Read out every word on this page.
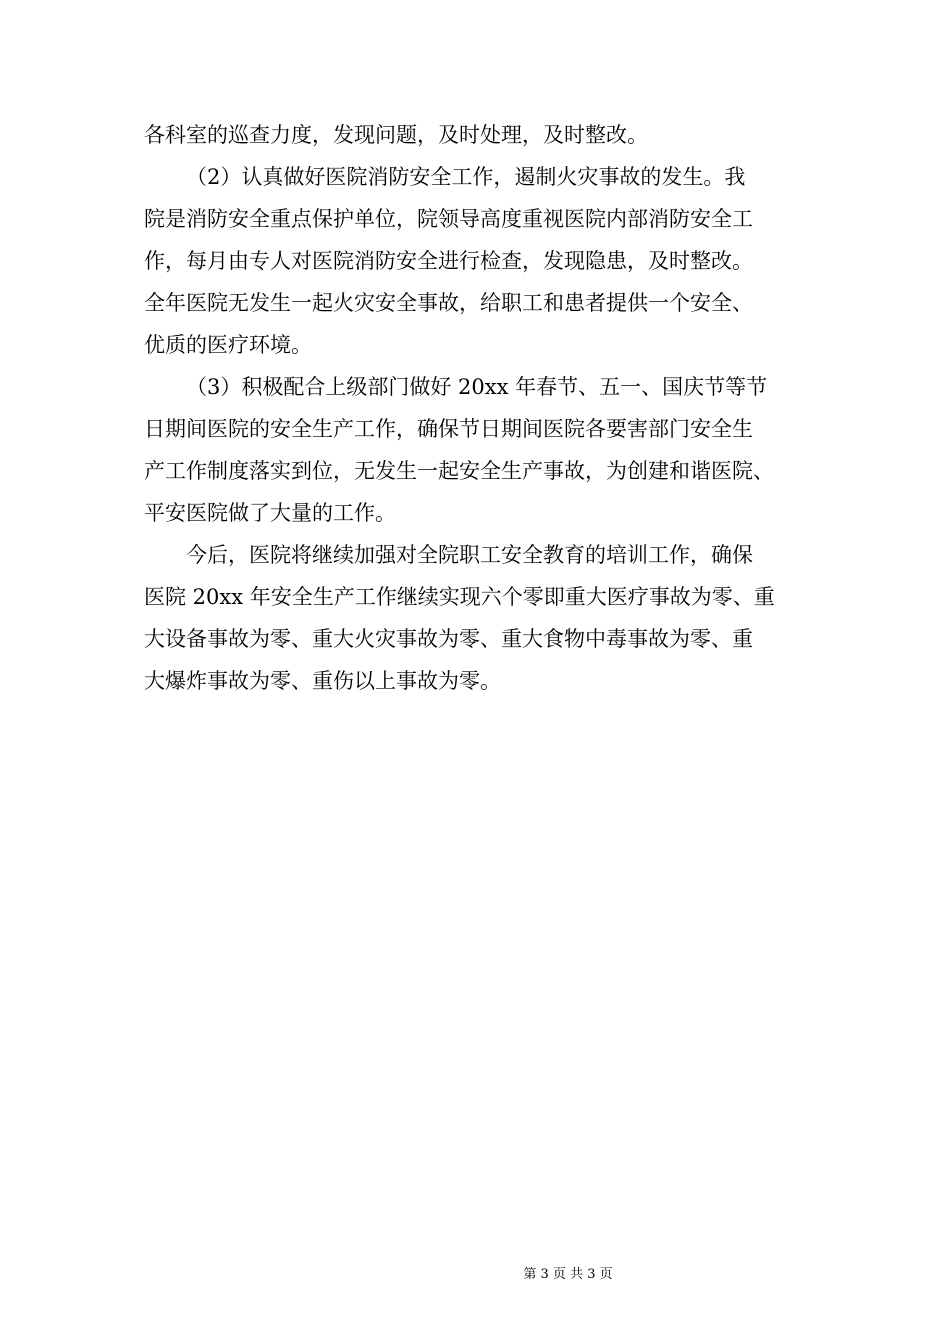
各科室的巡查力度，发现问题，及时处理，及时整改。
（2）认真做好医院消防安全工作，遏制火灾事故的发生。我
院是消防安全重点保护单位，院领导高度重视医院内部消防安全工
作，每月由专人对医院消防安全进行检查，发现隐患，及时整改。
全年医院无发生一起火灾安全事故，给职工和患者提供一个安全、
优质的医疗环境。
（3）积极配合上级部门做好 20xx 年春节、五一、国庆节等节
日期间医院的安全生产工作，确保节日期间医院各要害部门安全生
产工作制度落实到位，无发生一起安全生产事故，为创建和谐医院、
平安医院做了大量的工作。
今后，医院将继续加强对全院职工安全教育的培训工作，确保
医院 20xx 年安全生产工作继续实现六个零即重大医疗事故为零、重
大设备事故为零、重大火灾事故为零、重大食物中毒事故为零、重
大爆炸事故为零、重伤以上事故为零。
第 3 页 共 3 页
